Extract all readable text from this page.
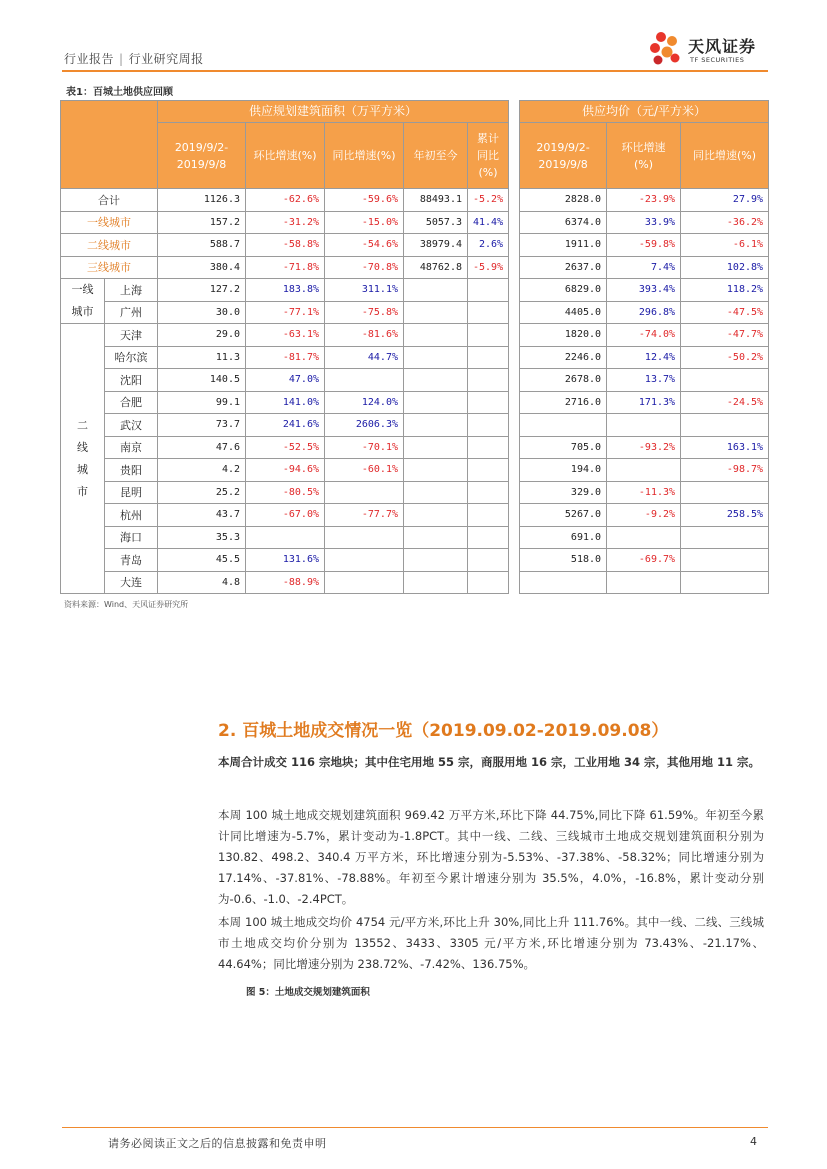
行业报告 | 行业研究周报
天风证券
TF SECURITIES
表1：百城土地供应回顾
		供应规划建筑面积（万平方米）						供应均价（元/平方米）		
		2019/9/2-2019/9/8	环比增速(%)	同比增速(%)	年初至今	累计同比(%)		2019/9/2-2019/9/8	环比增速(%)	同比增速(%)
合计		1126.3	-62.6%	-59.6%	88493.1	-5.2%		2828.0	-23.9%	27.9%
一线城市		157.2	-31.2%	-15.0%	5057.3	41.4%		6374.0	33.9%	-36.2%
二线城市		588.7	-58.8%	-54.6%	38979.4	2.6%		1911.0	-59.8%	-6.1%
三线城市		380.4	-71.8%	-70.8%	48762.8	-5.9%		2637.0	7.4%	102.8%
一线城市	上海	127.2	183.8%	311.1%				6829.0	393.4%	118.2%
	广州	30.0	-77.1%	-75.8%				4405.0	296.8%	-47.5%
二线城市	天津	29.0	-63.1%	-81.6%				1820.0	-74.0%	-47.7%
	哈尔滨	11.3	-81.7%	44.7%				2246.0	12.4%	-50.2%
	沈阳	140.5	47.0%					2678.0	13.7%	
	合肥	99.1	141.0%	124.0%				2716.0	171.3%	-24.5%
	武汉	73.7	241.6%	2606.3%						
	南京	47.6	-52.5%	-70.1%				705.0	-93.2%	163.1%
	贵阳	4.2	-94.6%	-60.1%				194.0		-98.7%
	昆明	25.2	-80.5%					329.0	-11.3%	
	杭州	43.7	-67.0%	-77.7%				5267.0	-9.2%	258.5%
	海口	35.3						691.0		
	青岛	45.5	131.6%					518.0	-69.7%	
	大连	4.8	-88.9%							
资料来源：Wind、天风证券研究所
2. 百城土地成交情况一览（2019.09.02-2019.09.08）
本周合计成交 116 宗地块；其中住宅用地 55 宗，商服用地 16 宗，工业用地 34 宗，其他用地 11 宗。
本周 100 城土地成交规划建筑面积 969.42 万平方米,环比下降 44.75%,同比下降 61.59%。年初至今累计同比增速为-5.7%，累计变动为-1.8PCT。其中一线、二线、三线城市土地成交规划建筑面积分别为 130.82、498.2、340.4 万平方米，环比增速分别为-5.53%、-37.38%、-58.32%；同比增速分别为 17.14%、-37.81%、-78.88%。年初至今累计增速分别为 35.5%，4.0%，-16.8%，累计变动分别为-0.6、-1.0、-2.4PCT。
本周 100 城土地成交均价 4754 元/平方米,环比上升 30%,同比上升 111.76%。其中一线、二线、三线城市土地成交均价分别为 13552、3433、3305 元/平方米,环比增速分别为 73.43%、-21.17%、44.64%；同比增速分别为 238.72%、-7.42%、136.75%。
图 5：土地成交规划建筑面积
请务必阅读正文之后的信息披露和免责申明	4
